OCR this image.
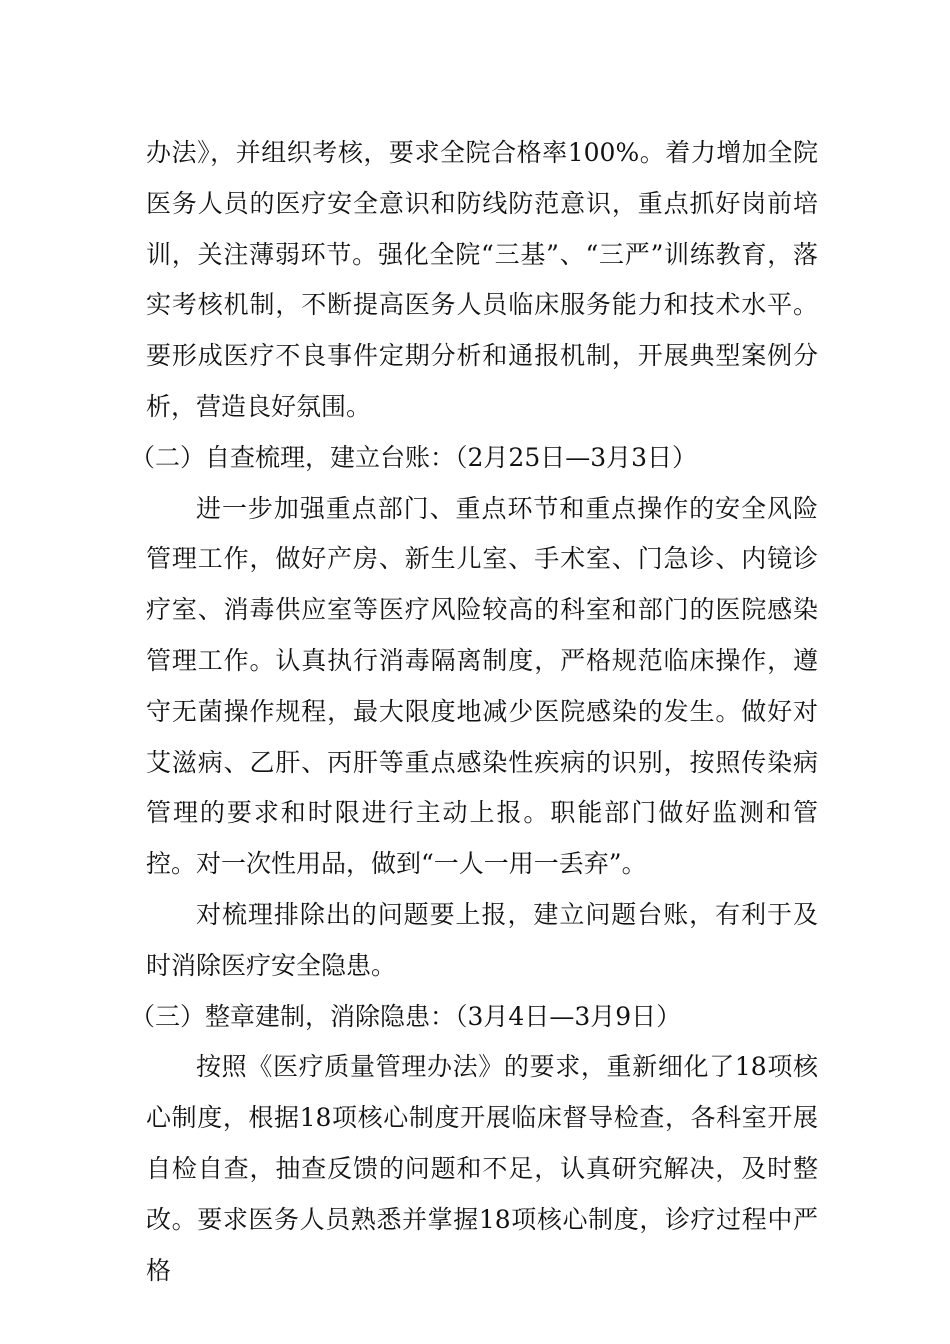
办法》，并组织考核，要求全院合格率100%。着力增加全院医务人员的医疗安全意识和防线防范意识，重点抓好岗前培训，关注薄弱环节。强化全院“三基”、“三严”训练教育，落实考核机制，不断提高医务人员临床服务能力和技术水平。要形成医疗不良事件定期分析和通报机制，开展典型案例分析，营造良好氛围。

（二）自查梳理，建立台账：（2月25日—3月3日）

进一步加强重点部门、重点环节和重点操作的安全风险管理工作，做好产房、新生儿室、手术室、门急诊、内镜诊疗室、消毒供应室等医疗风险较高的科室和部门的医院感染管理工作。认真执行消毒隔离制度，严格规范临床操作，遵守无菌操作规程，最大限度地减少医院感染的发生。做好对艾滋病、乙肝、丙肝等重点感染性疾病的识别，按照传染病管理的要求和时限进行主动上报。职能部门做好监测和管控。对一次性用品，做到“一人一用一丢弃”。

对梳理排除出的问题要上报，建立问题台账，有利于及时消除医疗安全隐患。

（三）整章建制，消除隐患：（3月4日—3月9日）

按照《医疗质量管理办法》的要求，重新细化了18项核心制度，根据18项核心制度开展临床督导检查，各科室开展自检自查，抽查反馈的问题和不足，认真研究解决，及时整改。要求医务人员熟悉并掌握18项核心制度，诊疗过程中严格
